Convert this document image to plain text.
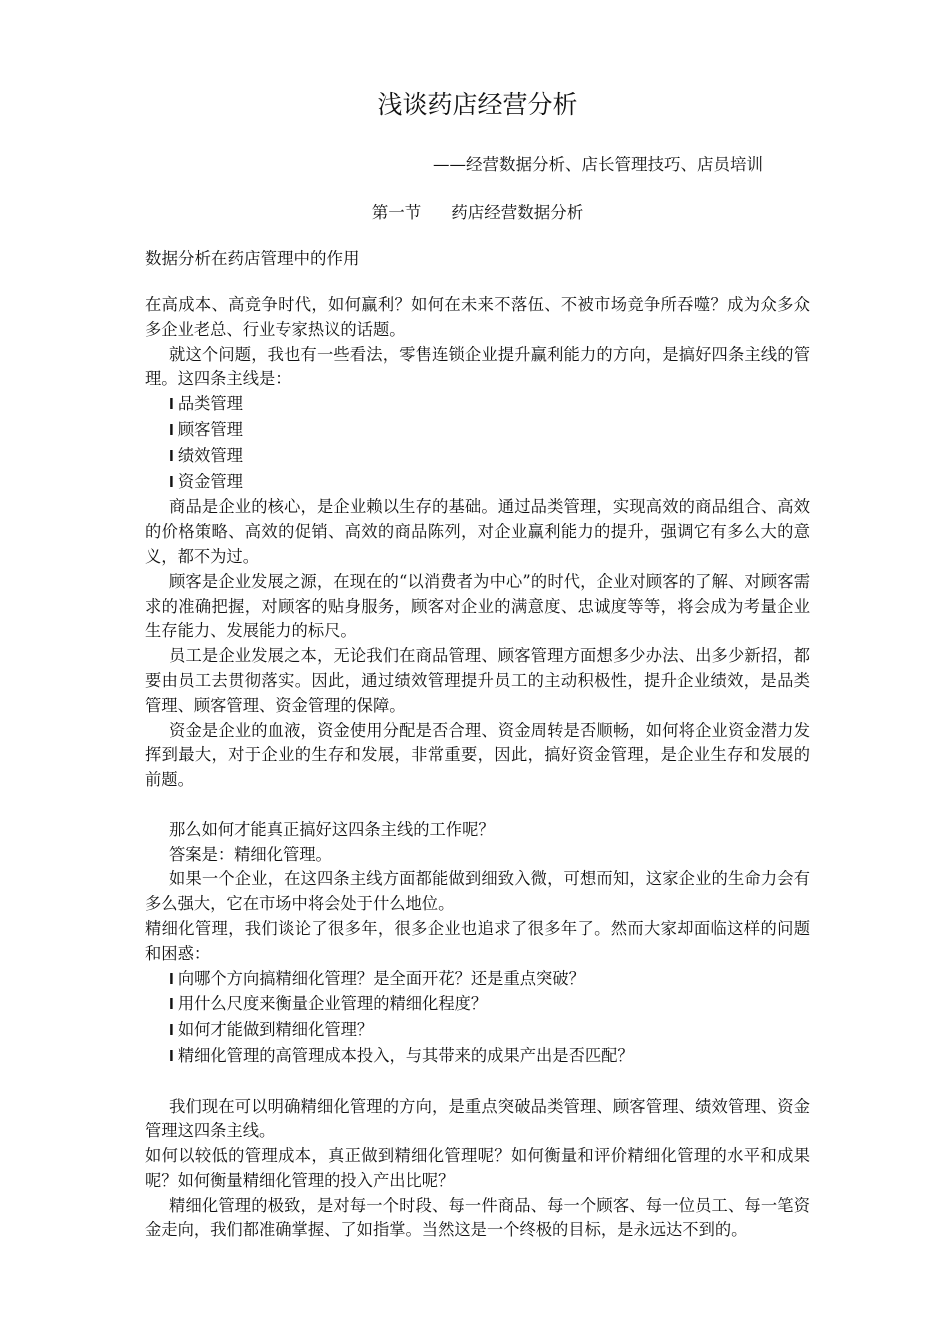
浅谈药店经营分析
——经营数据分析、店长管理技巧、店员培训
第一节 药店经营数据分析
数据分析在药店管理中的作用

在高成本、高竞争时代，如何赢利？如何在未来不落伍、不被市场竞争所吞噬？成为众多众多企业老总、行业专家热议的话题。

就这个问题，我也有一些看法，零售连锁企业提升赢利能力的方向，是搞好四条主线的管理。这四条主线是：

l 品类管理

l 顾客管理

l 绩效管理

l 资金管理

商品是企业的核心，是企业赖以生存的基础。通过品类管理，实现高效的商品组合、高效的价格策略、高效的促销、高效的商品陈列，对企业赢利能力的提升，强调它有多么大的意义，都不为过。

顾客是企业发展之源，在现在的“以消费者为中心”的时代，企业对顾客的了解、对顾客需求的准确把握，对顾客的贴身服务，顾客对企业的满意度、忠诚度等等，将会成为考量企业生存能力、发展能力的标尺。

员工是企业发展之本，无论我们在商品管理、顾客管理方面想多少办法、出多少新招，都要由员工去贯彻落实。因此，通过绩效管理提升员工的主动积极性，提升企业绩效，是品类管理、顾客管理、资金管理的保障。

资金是企业的血液，资金使用分配是否合理、资金周转是否顺畅，如何将企业资金潜力发挥到最大，对于企业的生存和发展，非常重要，因此，搞好资金管理，是企业生存和发展的前题。

那么如何才能真正搞好这四条主线的工作呢？

答案是：精细化管理。

如果一个企业，在这四条主线方面都能做到细致入微，可想而知，这家企业的生命力会有多么强大，它在市场中将会处于什么地位。

精细化管理，我们谈论了很多年，很多企业也追求了很多年了。然而大家却面临这样的问题和困惑：

l 向哪个方向搞精细化管理？是全面开花？还是重点突破？

l 用什么尺度来衡量企业管理的精细化程度？

l 如何才能做到精细化管理？

l 精细化管理的高管理成本投入，与其带来的成果产出是否匹配？

我们现在可以明确精细化管理的方向，是重点突破品类管理、顾客管理、绩效管理、资金管理这四条主线。

如何以较低的管理成本，真正做到精细化管理呢？如何衡量和评价精细化管理的水平和成果呢？如何衡量精细化管理的投入产出比呢？

精细化管理的极致，是对每一个时段、每一件商品、每一个顾客、每一位员工、每一笔资金走向，我们都准确掌握、了如指掌。当然这是一个终极的目标，是永远达不到的。
